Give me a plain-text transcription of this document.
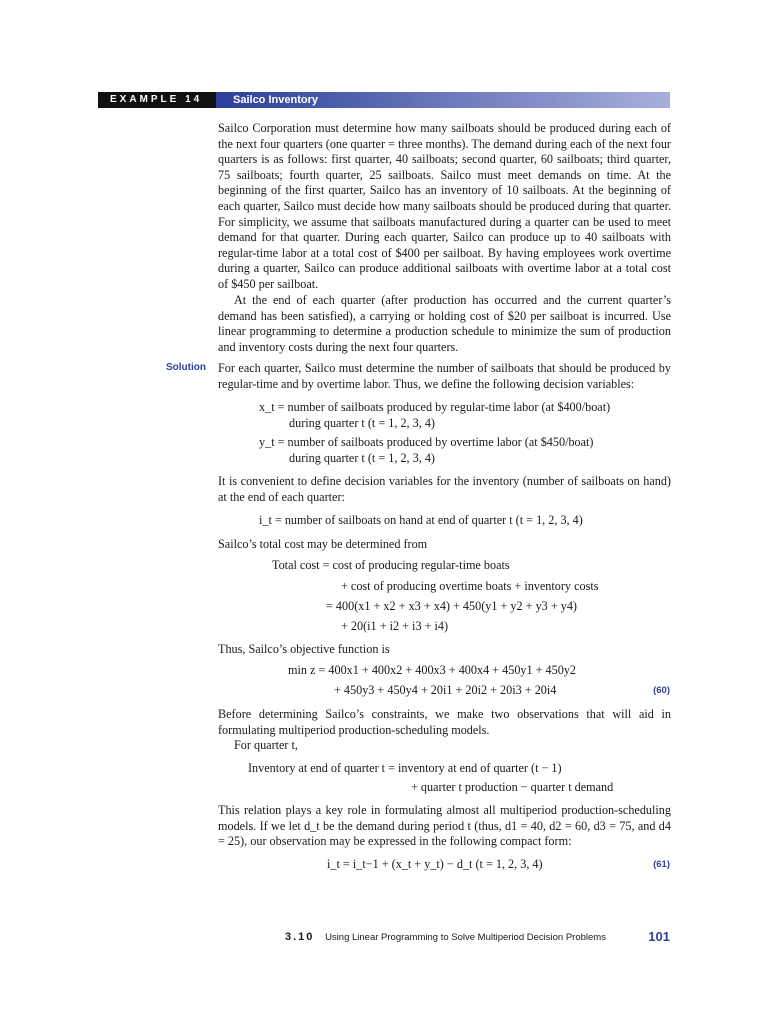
EXAMPLE 14	Sailco Inventory

Sailco Corporation must determine how many sailboats should be produced during each of the next four quarters (one quarter = three months). The demand during each of the next four quarters is as follows: first quarter, 40 sailboats; second quarter, 60 sailboats; third quarter, 75 sailboats; fourth quarter, 25 sailboats. Sailco must meet demands on time. At the beginning of the first quarter, Sailco has an inventory of 10 sailboats. At the beginning of each quarter, Sailco must decide how many sailboats should be produced during that quarter. For simplicity, we assume that sailboats manufactured during a quarter can be used to meet demand for that quarter. During each quarter, Sailco can produce up to 40 sailboats with regular-time labor at a total cost of $400 per sailboat. By having employees work overtime during a quarter, Sailco can produce additional sailboats with overtime labor at a total cost of $450 per sailboat.

At the end of each quarter (after production has occurred and the current quarter’s demand has been satisfied), a carrying or holding cost of $20 per sailboat is incurred. Use linear programming to determine a production schedule to minimize the sum of production and inventory costs during the next four quarters.

Solution For each quarter, Sailco must determine the number of sailboats that should be produced by regular-time and by overtime labor. Thus, we define the following decision variables:

x_t = number of sailboats produced by regular-time labor (at $400/boat)
during quarter t (t = 1, 2, 3, 4)
y_t = number of sailboats produced by overtime labor (at $450/boat)
during quarter t (t = 1, 2, 3, 4)

It is convenient to define decision variables for the inventory (number of sailboats on hand) at the end of each quarter:

i_t = number of sailboats on hand at end of quarter t (t = 1, 2, 3, 4)

Sailco’s total cost may be determined from

Total cost = cost of producing regular-time boats
+ cost of producing overtime boats + inventory costs
= 400(x1 + x2 + x3 + x4) + 450(y1 + y2 + y3 + y4)
+ 20(i1 + i2 + i3 + i4)

Thus, Sailco’s objective function is

min z = 400x1 + 400x2 + 400x3 + 400x4 + 450y1 + 450y2
+ 450y3 + 450y4 + 20i1 + 20i2 + 20i3 + 20i4	(60)

Before determining Sailco’s constraints, we make two observations that will aid in formulating multiperiod production-scheduling models.

For quarter t,

Inventory at end of quarter t = inventory at end of quarter (t − 1)
+ quarter t production − quarter t demand

This relation plays a key role in formulating almost all multiperiod production-scheduling models. If we let d_t be the demand during period t (thus, d1 = 40, d2 = 60, d3 = 75, and d4 = 25), our observation may be expressed in the following compact form:

i_t = i_t−1 + (x_t + y_t) − d_t (t = 1, 2, 3, 4)	(61)
3.10 Using Linear Programming to Solve Multiperiod Decision Problems	101
